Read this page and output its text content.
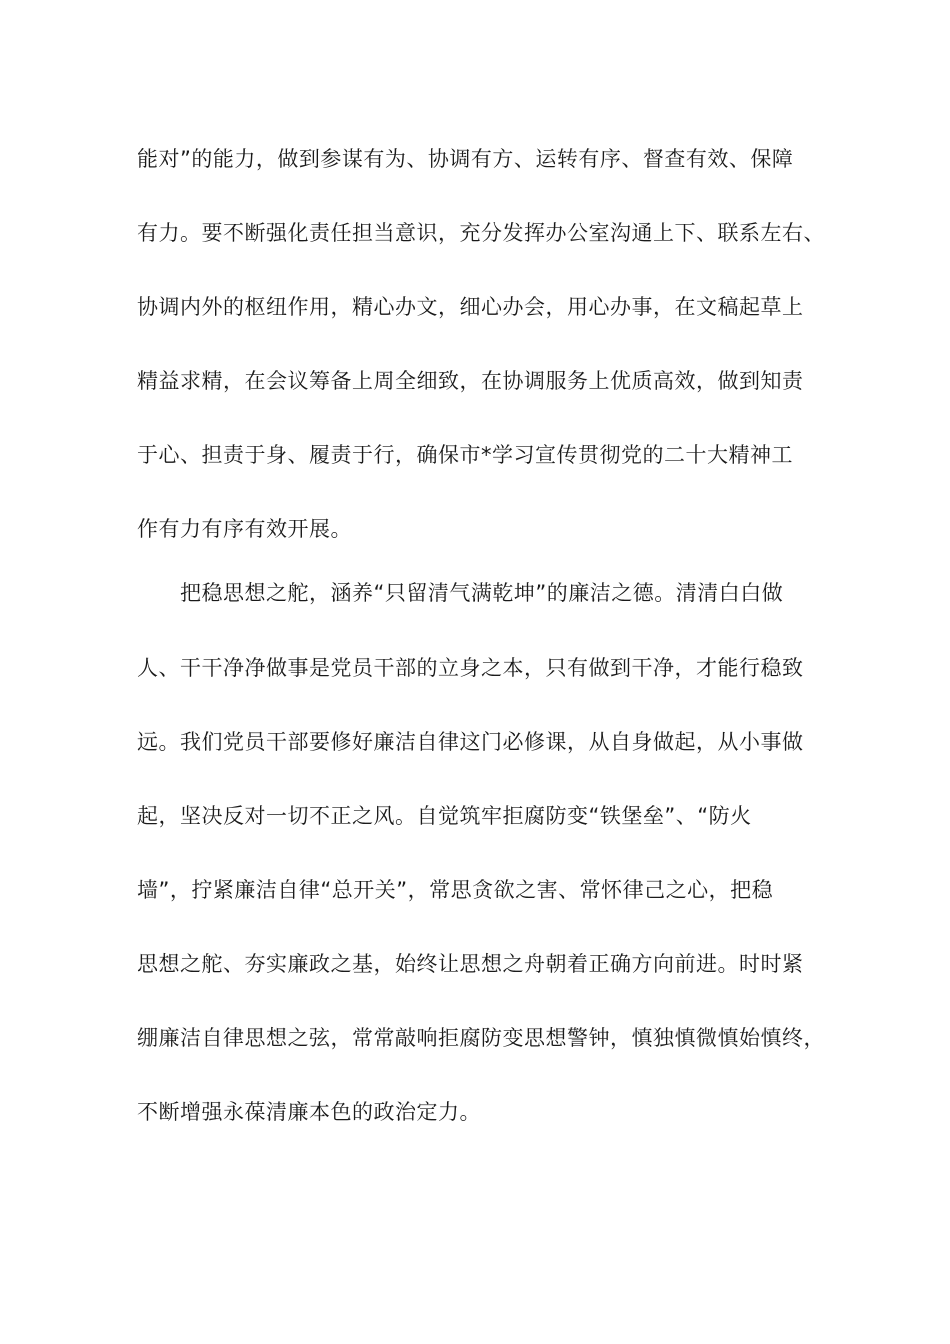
能对”的能力，做到参谋有为、协调有方、运转有序、督查有效、保障
有力。要不断强化责任担当意识，充分发挥办公室沟通上下、联系左右、
协调内外的枢纽作用，精心办文，细心办会，用心办事，在文稿起草上
精益求精，在会议筹备上周全细致，在协调服务上优质高效，做到知责
于心、担责于身、履责于行，确保市*学习宣传贯彻党的二十大精神工
作有力有序有效开展。
把稳思想之舵，涵养“只留清气满乾坤”的廉洁之德。清清白白做
人、干干净净做事是党员干部的立身之本，只有做到干净，才能行稳致
远。我们党员干部要修好廉洁自律这门必修课，从自身做起，从小事做
起，坚决反对一切不正之风。自觉筑牢拒腐防变“铁堡垒”、“防火
墙”，拧紧廉洁自律“总开关”，常思贪欲之害、常怀律己之心，把稳
思想之舵、夯实廉政之基，始终让思想之舟朝着正确方向前进。时时紧
绷廉洁自律思想之弦，常常敲响拒腐防变思想警钟，慎独慎微慎始慎终，
不断增强永葆清廉本色的政治定力。
